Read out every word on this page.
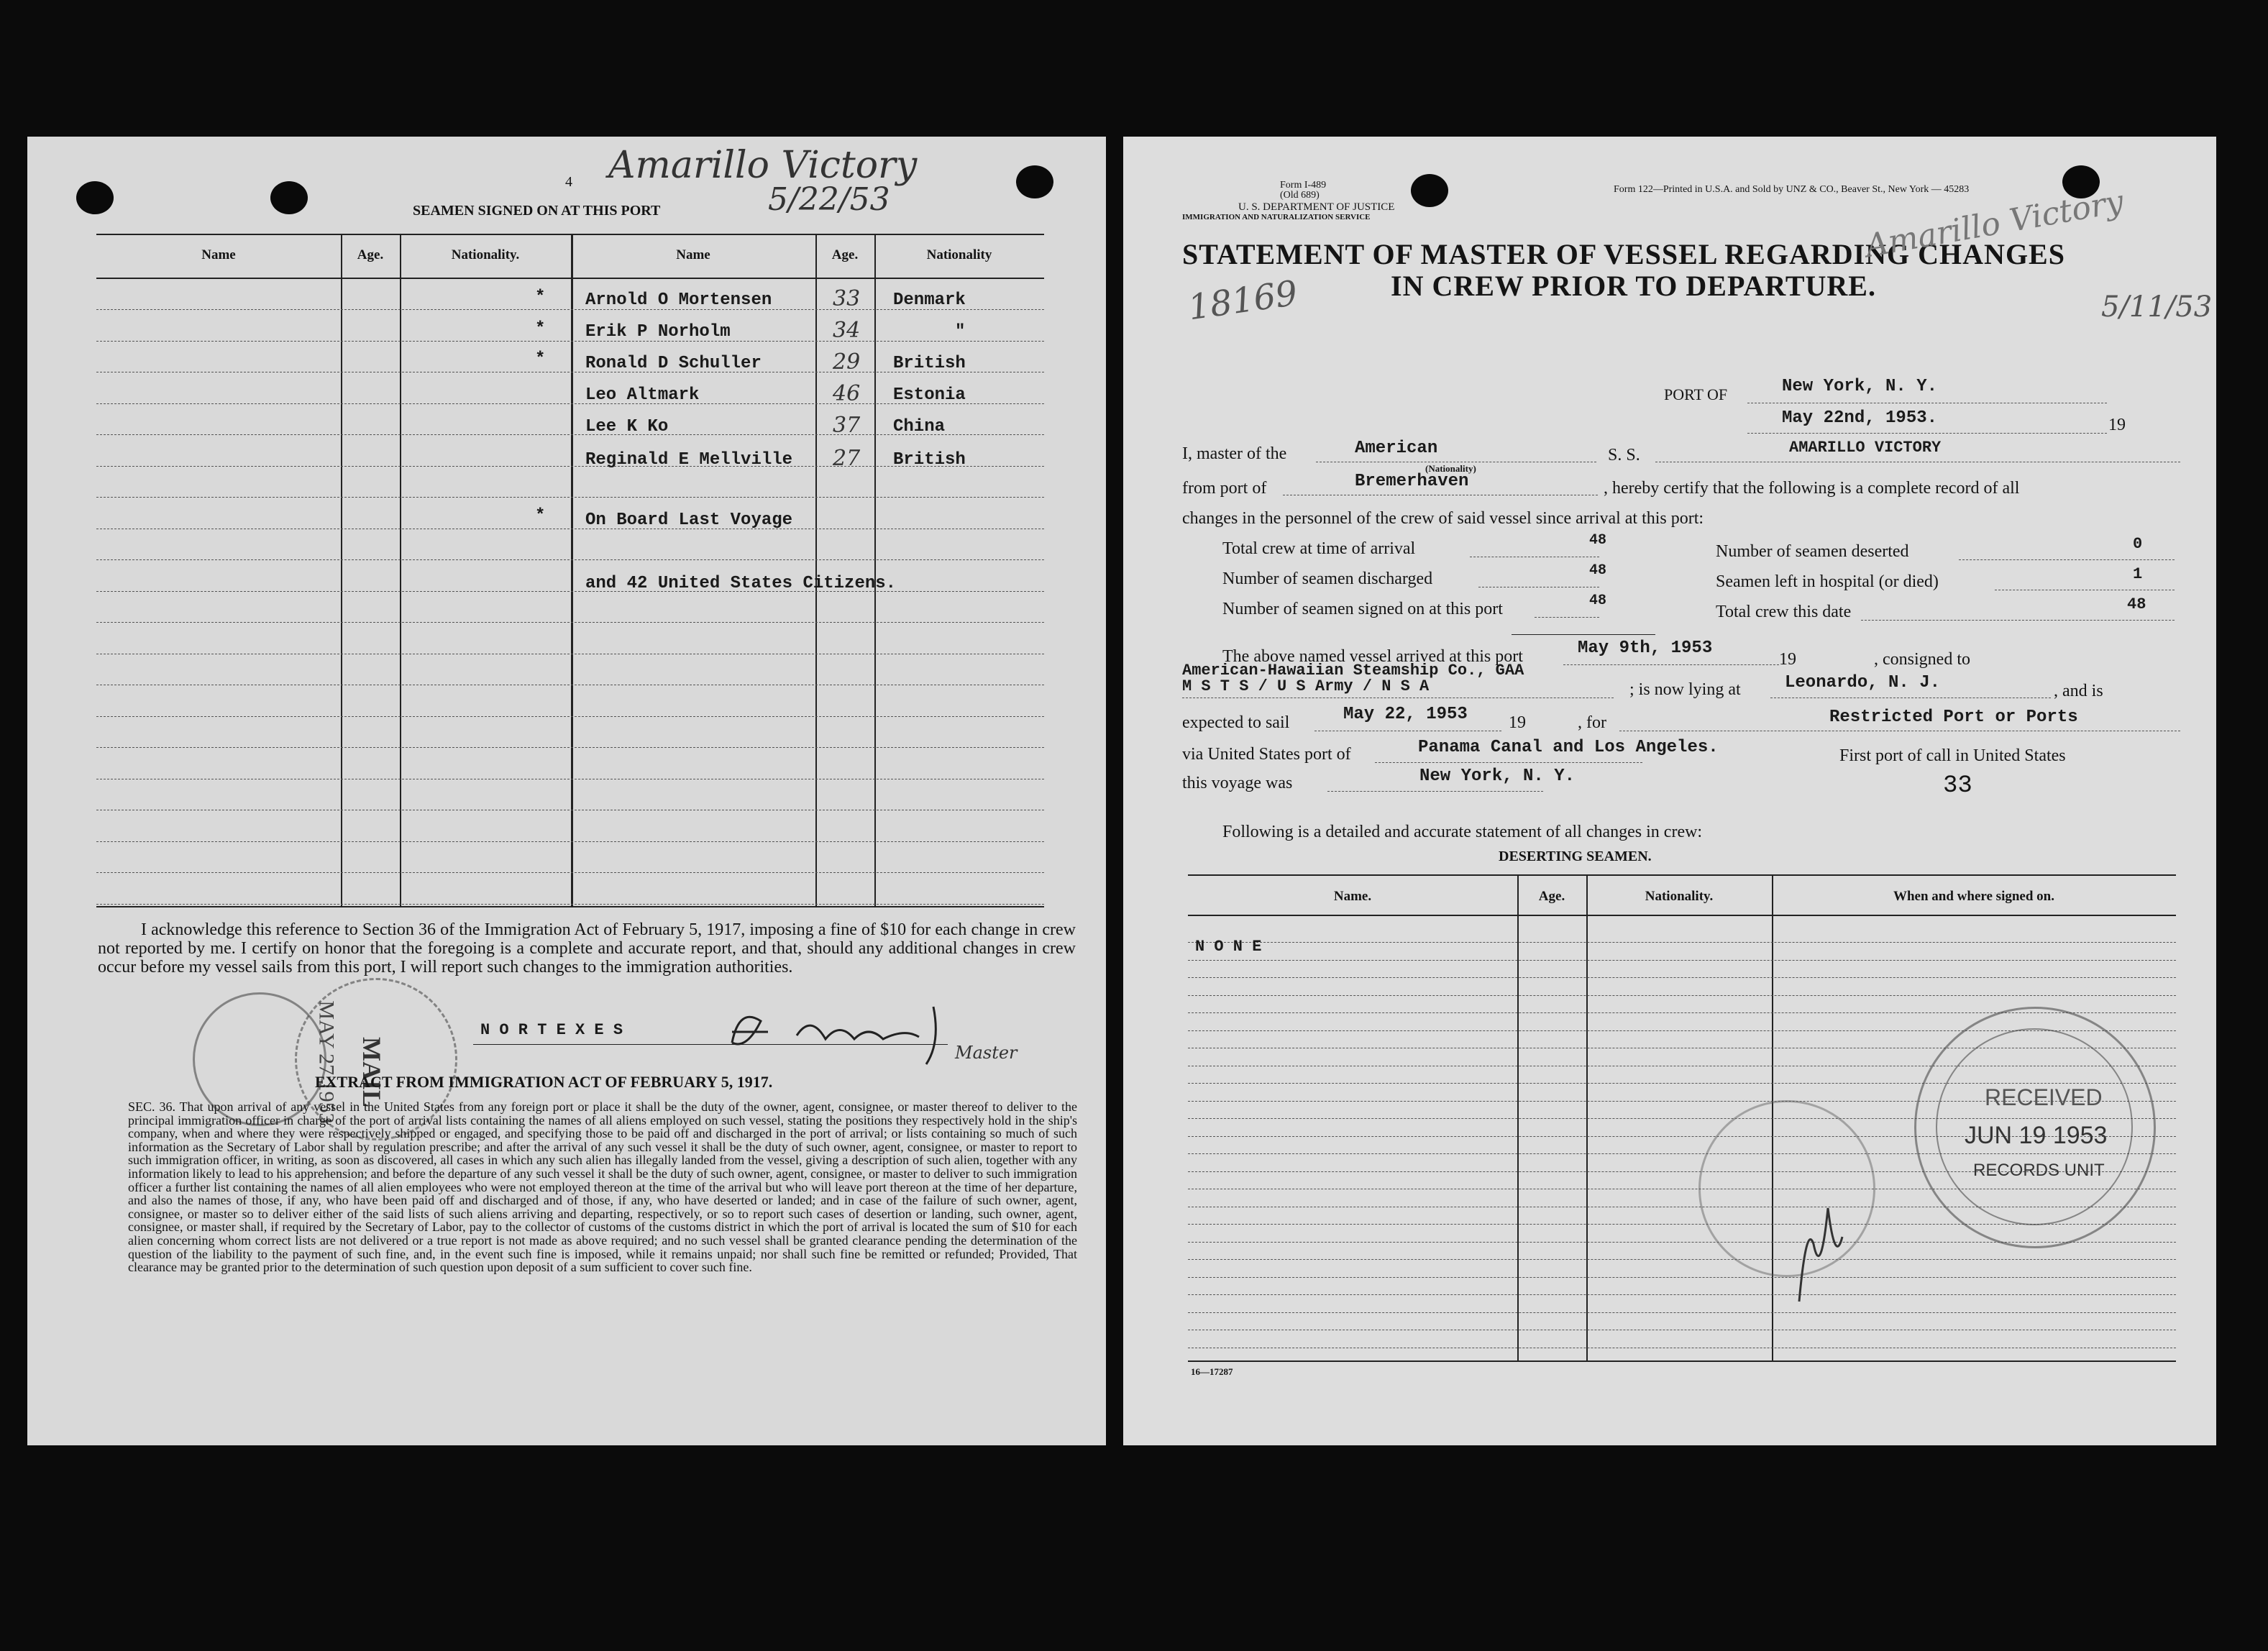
4 Amarillo Victory
5/22/53
SEAMEN SIGNED ON AT THIS PORT
Name	Age.	Nationality.	Name	Age.	Nationality
* Arnold O Mortensen	33 Denmark
* Erik P Norholm	34	"
* Ronald D Schuller	29 British
Leo Altmark	46 Estonia
Lee K Ko	37 China
Reginald E Mellville 27 British
* On Board Last Voyage
and 42 United States Citizens.
I acknowledge this reference to Section 36 of the Immigration Act of February 5, 1917, imposing a fine of $10 for each change in crew not reported by me. I certify on honor that the foregoing is a complete and accurate report, and that, should any additional changes in crew occur before my vessel sails from this port, I will report such changes to the immigration authorities.
MAIL
MAY 27 1953	N O R T E X E S
Master
EXTRACT FROM IMMIGRATION ACT OF FEBRUARY 5, 1917.
SEC. 36. That upon arrival of any vessel in the United States from any foreign port or place it shall be the duty of the owner, agent, consignee, or master thereof to deliver to the principal immigration officer in charge of the port of arrival lists containing the names of all aliens employed on such vessel, stating the positions they respectively hold in the ship's company, when and where they were respectively shipped or engaged, and specifying those to be paid off and discharged in the port of arrival; or lists containing so much of such information as the Secretary of Labor shall by regulation prescribe; and after the arrival of any such vessel it shall be the duty of such owner, agent, consignee, or master to report to such immigration officer, in writing, as soon as discovered, all cases in which any such alien has illegally landed from the vessel, giving a description of such alien, together with any information likely to lead to his apprehension; and before the departure of any such vessel it shall be the duty of such owner, agent, consignee, or master to deliver to such immigration officer a further list containing the names of all alien employees who were not employed thereon at the time of the arrival but who will leave port thereon at the time of her departure, and also the names of those, if any, who have been paid off and discharged and of those, if any, who have deserted or landed; and in case of the failure of such owner, agent, consignee, or master so to deliver either of the said lists of such aliens arriving and departing, respectively, or so to report such cases of desertion or landing, such owner, agent, consignee, or master shall, if required by the Secretary of Labor, pay to the collector of customs of the customs district in which the port of arrival is located the sum of $10 for each alien concerning whom correct lists are not delivered or a true report is not made as above required; and no such vessel shall be granted clearance pending the determination of the question of the liability to the payment of such fine, and, in the event such fine is imposed, while it remains unpaid; nor shall such fine be remitted or refunded; Provided, That clearance may be granted prior to the determination of such question upon deposit of a sum sufficient to cover such fine.
Form I-489
(Old 689)
U. S. DEPARTMENT OF JUSTICE
IMMIGRATION AND NATURALIZATION SERVICE
Form 122—Printed in U.S.A. and Sold by UNZ & CO., Beaver St., New York — 45283
STATEMENT OF MASTER OF VESSEL REGARDING CHANGES
IN CREW PRIOR TO DEPARTURE.
18169
Amarillo Victory
5/11/53
PORT OF	New York, N. Y.
May 22nd, 1953.	19
I, master of the	American
(Nationality)
S. S.	AMARILLO VICTORY
from port of	Bremerhaven	, hereby certify that the following is a complete record of all
changes in the personnel of the crew of said vessel since arrival at this port:
Total crew at time of arrival	48
Number of seamen discharged	48
Number of seamen signed on at this port	48
Number of seamen deserted	0
Seamen left in hospital (or died)	1
Total crew this date	48
The above named vessel arrived at this port	May 9th, 1953
19	, consigned to
American-Hawaiian Steamship Co., GAA
M S T S / U S Army / N S A	; is now lying at	Leonardo, N. J.	, and is
expected to sail	May 22, 1953 19	, for	Restricted Port or Ports
via United States port of	Panama Canal and Los Angeles.	First port of call in United States
this voyage was	New York, N. Y.	33
Following is a detailed and accurate statement of all changes in crew:
DESERTING SEAMEN.
Name.	Age.	Nationality.	When and where signed on.
N O N E
RECEIVED
JUN 19 1953
RECORDS UNIT
16—17287
